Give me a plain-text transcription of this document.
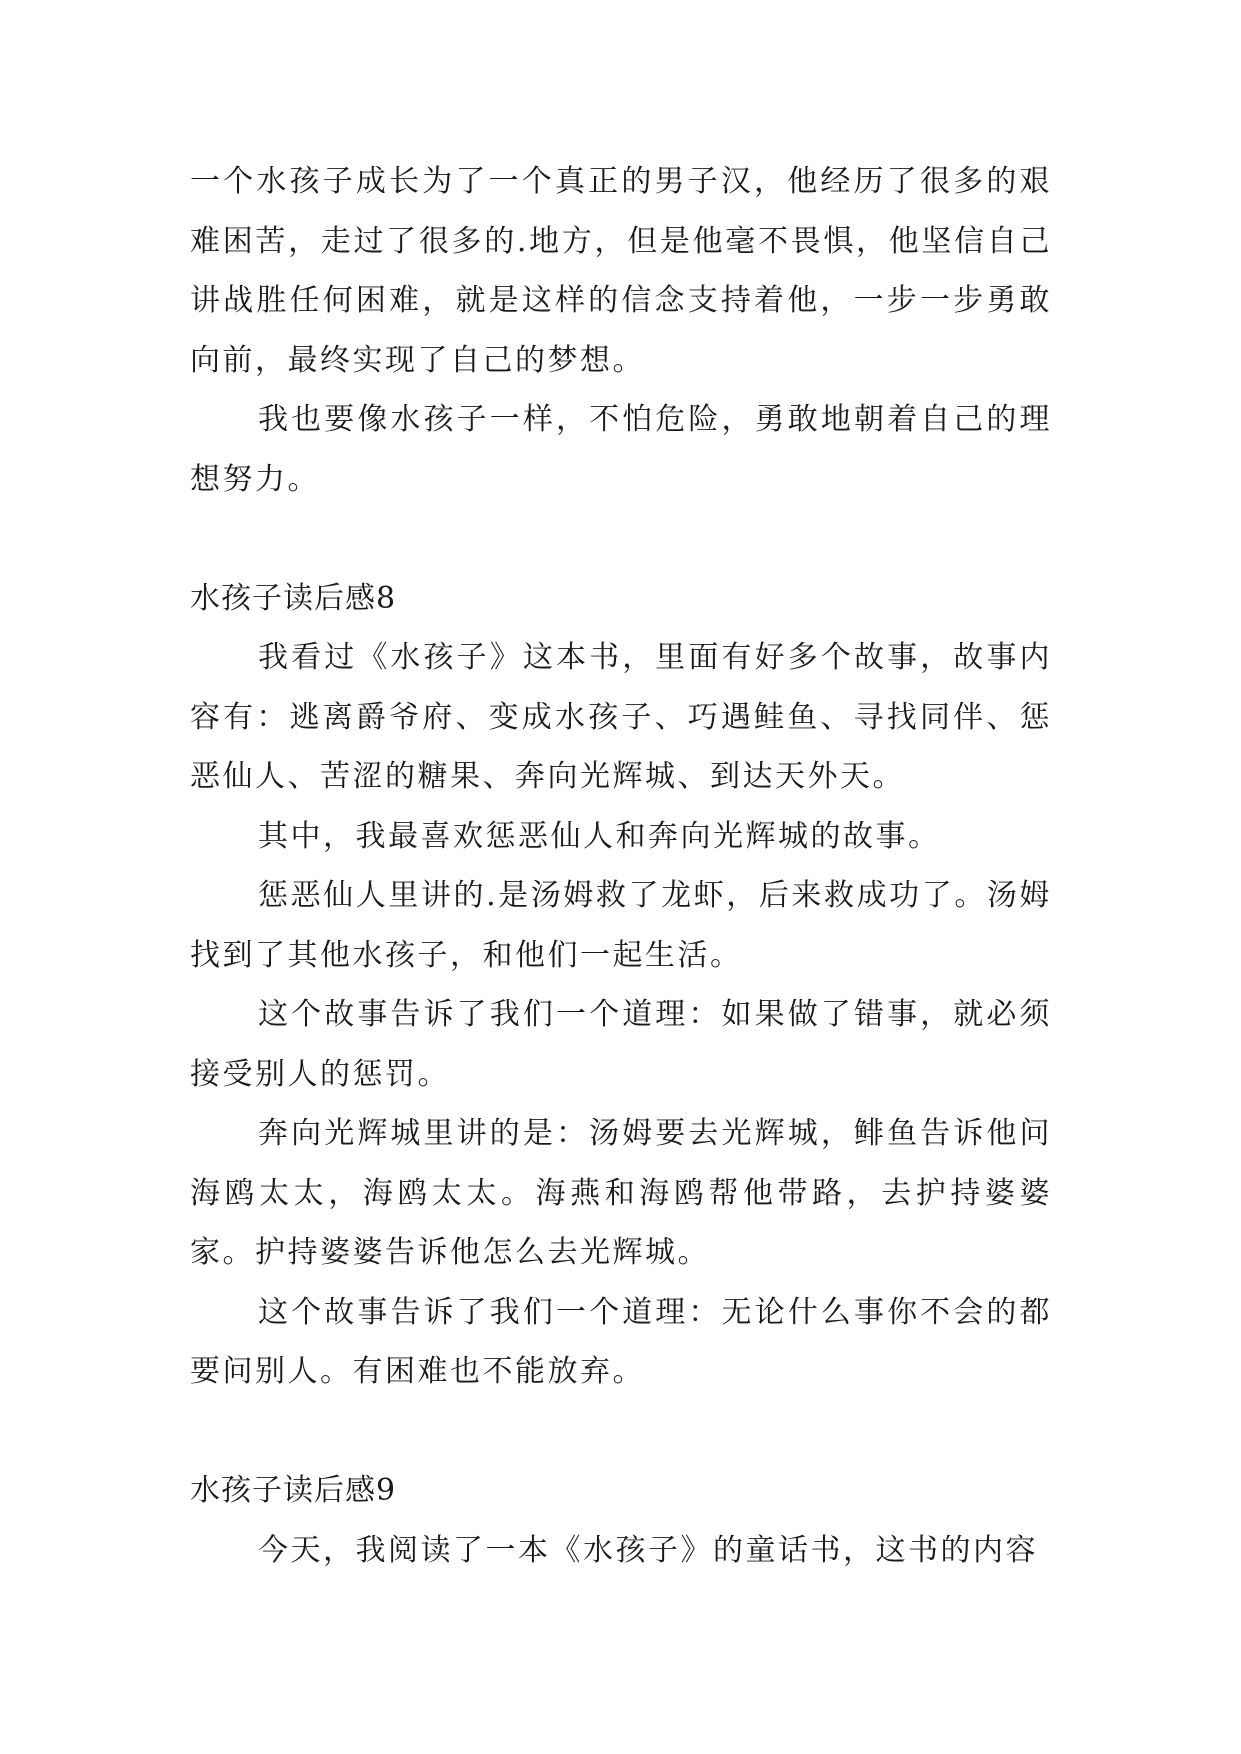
一个水孩子成长为了一个真正的男子汉，他经历了很多的艰难困苦，走过了很多的.地方，但是他毫不畏惧，他坚信自己讲战胜任何困难，就是这样的信念支持着他，一步一步勇敢向前，最终实现了自己的梦想。

我也要像水孩子一样，不怕危险，勇敢地朝着自己的理想努力。

水孩子读后感8

我看过《水孩子》这本书，里面有好多个故事，故事内容有：逃离爵爷府、变成水孩子、巧遇鲑鱼、寻找同伴、惩恶仙人、苦涩的糖果、奔向光辉城、到达天外天。

其中，我最喜欢惩恶仙人和奔向光辉城的故事。

惩恶仙人里讲的.是汤姆救了龙虾，后来救成功了。汤姆找到了其他水孩子，和他们一起生活。

这个故事告诉了我们一个道理：如果做了错事，就必须接受别人的惩罚。

奔向光辉城里讲的是：汤姆要去光辉城，鲱鱼告诉他问海鸥太太，海鸥太太。海燕和海鸥帮他带路，去护持婆婆家。护持婆婆告诉他怎么去光辉城。

这个故事告诉了我们一个道理：无论什么事你不会的都要问别人。有困难也不能放弃。

水孩子读后感9

今天，我阅读了一本《水孩子》的童话书，这书的内容
